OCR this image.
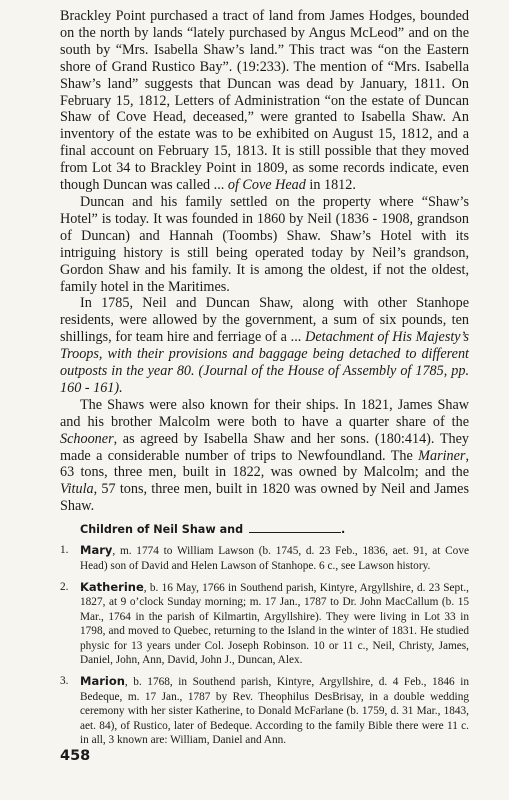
Brackley Point purchased a tract of land from James Hodges, bounded on the north by lands “lately purchased by Angus McLeod” and on the south by “Mrs. Isabella Shaw’s land.” This tract was “on the Eastern shore of Grand Rustico Bay”. (19:233). The mention of “Mrs. Isabella Shaw’s land” suggests that Duncan was dead by January, 1811. On February 15, 1812, Letters of Administration “on the estate of Duncan Shaw of Cove Head, deceased,” were granted to Isabella Shaw. An inventory of the estate was to be exhibited on August 15, 1812, and a final account on February 15, 1813. It is still possible that they moved from Lot 34 to Brackley Point in 1809, as some records indicate, even though Duncan was called ... of Cove Head in 1812.

Duncan and his family settled on the property where “Shaw’s Hotel” is today. It was founded in 1860 by Neil (1836 - 1908, grandson of Duncan) and Hannah (Toombs) Shaw. Shaw’s Hotel with its intriguing history is still being operated today by Neil’s grandson, Gordon Shaw and his family. It is among the oldest, if not the oldest, family hotel in the Maritimes.

In 1785, Neil and Duncan Shaw, along with other Stanhope residents, were allowed by the government, a sum of six pounds, ten shillings, for team hire and ferriage of a ... Detachment of His Majesty’s Troops, with their provisions and baggage being detached to different outposts in the year 80. (Journal of the House of Assembly of 1785, pp. 160 - 161).

The Shaws were also known for their ships. In 1821, James Shaw and his brother Malcolm were both to have a quarter share of the Schooner, as agreed by Isabella Shaw and her sons. (180:414). They made a considerable number of trips to Newfoundland. The Mariner, 63 tons, three men, built in 1822, was owned by Malcolm; and the Vitula, 57 tons, three men, built in 1820 was owned by Neil and James Shaw.

Children of Neil Shaw and	.
1. Mary, m. 1774 to William Lawson (b. 1745, d. 23 Feb., 1836, aet. 91, at Cove Head) son of David and Helen Lawson of Stanhope. 6 c., see Lawson history.
2. Katherine, b. 16 May, 1766 in Southend parish, Kintyre, Argyllshire, d. 23 Sept., 1827, at 9 o’clock Sunday morning; m. 17 Jan., 1787 to Dr. John MacCallum (b. 15 Mar., 1764 in the parish of Kilmartin, Argyllshire). They were living in Lot 33 in 1798, and moved to Quebec, returning to the Island in the winter of 1831. He studied physic for 13 years under Col. Joseph Robinson. 10 or 11 c., Neil, Christy, James, Daniel, John, Ann, David, John J., Duncan, Alex.
3. Marion, b. 1768, in Southend parish, Kintyre, Argyllshire, d. 4 Feb., 1846 in Bedeque, m. 17 Jan., 1787 by Rev. Theophilus DesBrisay, in a double wedding ceremony with her sister Katherine, to Donald McFarlane (b. 1759, d. 31 Mar., 1843, aet. 84), of Rustico, later of Bedeque. According to the family Bible there were 11 c. in all, 3 known are: William, Daniel and Ann.
458
